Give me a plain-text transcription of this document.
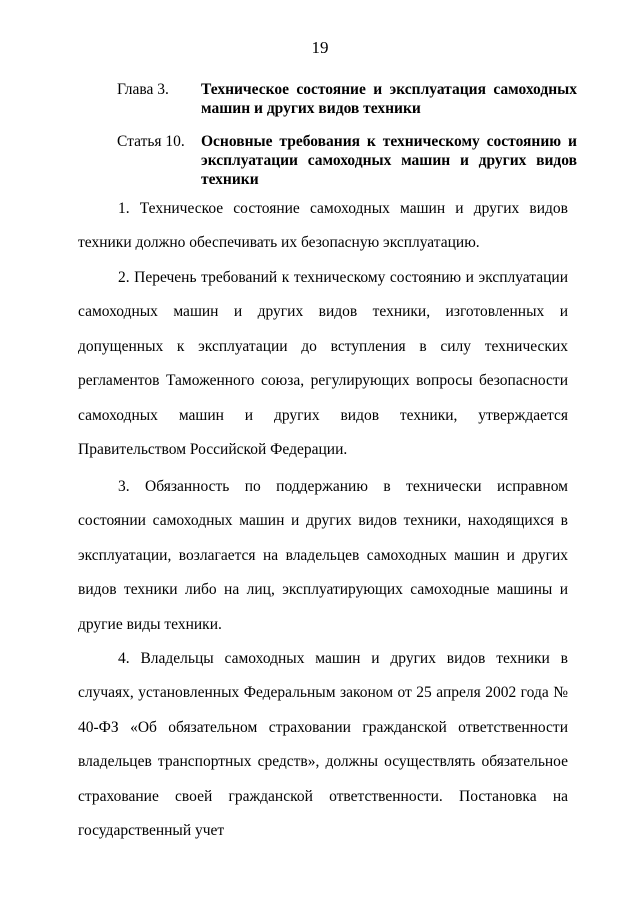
19
Глава 3.	Техническое состояние и эксплуатация самоходных машин и других видов техники
Статья 10.	Основные требования к техническому состоянию и эксплуатации самоходных машин и других видов техники

1. Техническое состояние самоходных машин и других видов техники должно обеспечивать их безопасную эксплуатацию.

2. Перечень требований к техническому состоянию и эксплуатации самоходных машин и других видов техники, изготовленных и допущенных к эксплуатации до вступления в силу технических регламентов Таможенного союза, регулирующих вопросы безопасности самоходных машин и других видов техники, утверждается Правительством Российской Федерации.

3. Обязанность по поддержанию в технически исправном состоянии самоходных машин и других видов техники, находящихся в эксплуатации, возлагается на владельцев самоходных машин и других видов техники либо на лиц, эксплуатирующих самоходные машины и другие виды техники.

4. Владельцы самоходных машин и других видов техники в случаях, установленных Федеральным законом от 25 апреля 2002 года № 40-ФЗ «Об обязательном страховании гражданской ответственности владельцев транспортных средств», должны осуществлять обязательное страхование своей гражданской ответственности. Постановка на государственный учет
